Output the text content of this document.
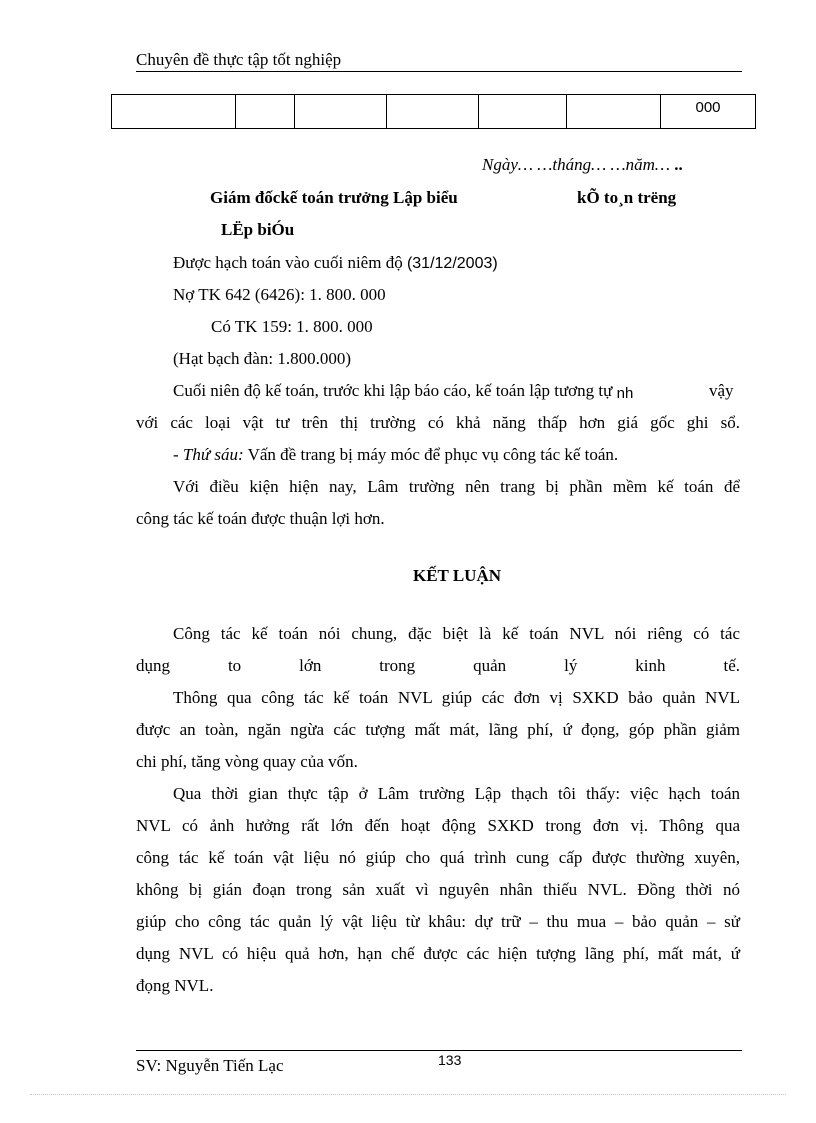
Chuyên đề thực tập tốt nghiệp
						000
Ngày… …tháng… …năm… ..
Giám đốckế toán trưởng Lập biểu	kÕ to¸n trëng
LËp biÓu
Được hạch toán vào cuối niêm độ (31/12/2003)
Nợ TK 642 (6426): 1. 800. 000
Có TK 159: 1. 800. 000
(Hạt bạch đàn: 1.800.000)
Cuối niên độ kế toán, trước khi lập báo cáo, kế toán lập tương tự nh	vậy
với các loại vật tư trên thị trường có khả năng thấp hơn giá gốc ghi sổ.
- Thứ sáu: Vấn đề trang bị máy móc để phục vụ công tác kế toán.
Với điều kiện hiện nay, Lâm trường nên trang bị phần mềm kế toán để
công tác kế toán được thuận lợi hơn.
KẾT LUẬN
Công tác kế toán nói chung, đặc biệt là kế toán NVL nói riêng có tác
dụng to lớn trong quản lý kinh tế.
Thông qua công tác kế toán NVL giúp các đơn vị SXKD bảo quản NVL
được an toàn, ngăn ngừa các tượng mất mát, lãng phí, ứ đọng, góp phần giảm
chi phí, tăng vòng quay của vốn.
Qua thời gian thực tập ở Lâm trường Lập thạch tôi thấy: việc hạch toán
NVL có ảnh hưởng rất lớn đến hoạt động SXKD trong đơn vị. Thông qua
công tác kế toán vật liệu nó giúp cho quá trình cung cấp được thường xuyên,
không bị gián đoạn trong sản xuất vì nguyên nhân thiếu NVL. Đồng thời nó
giúp cho công tác quản lý vật liệu từ khâu: dự trữ – thu mua – bảo quản – sử
dụng NVL có hiệu quả hơn, hạn chế được các hiện tượng lãng phí, mất mát, ứ
đọng NVL.
SV: Nguyễn Tiến Lạc	133
